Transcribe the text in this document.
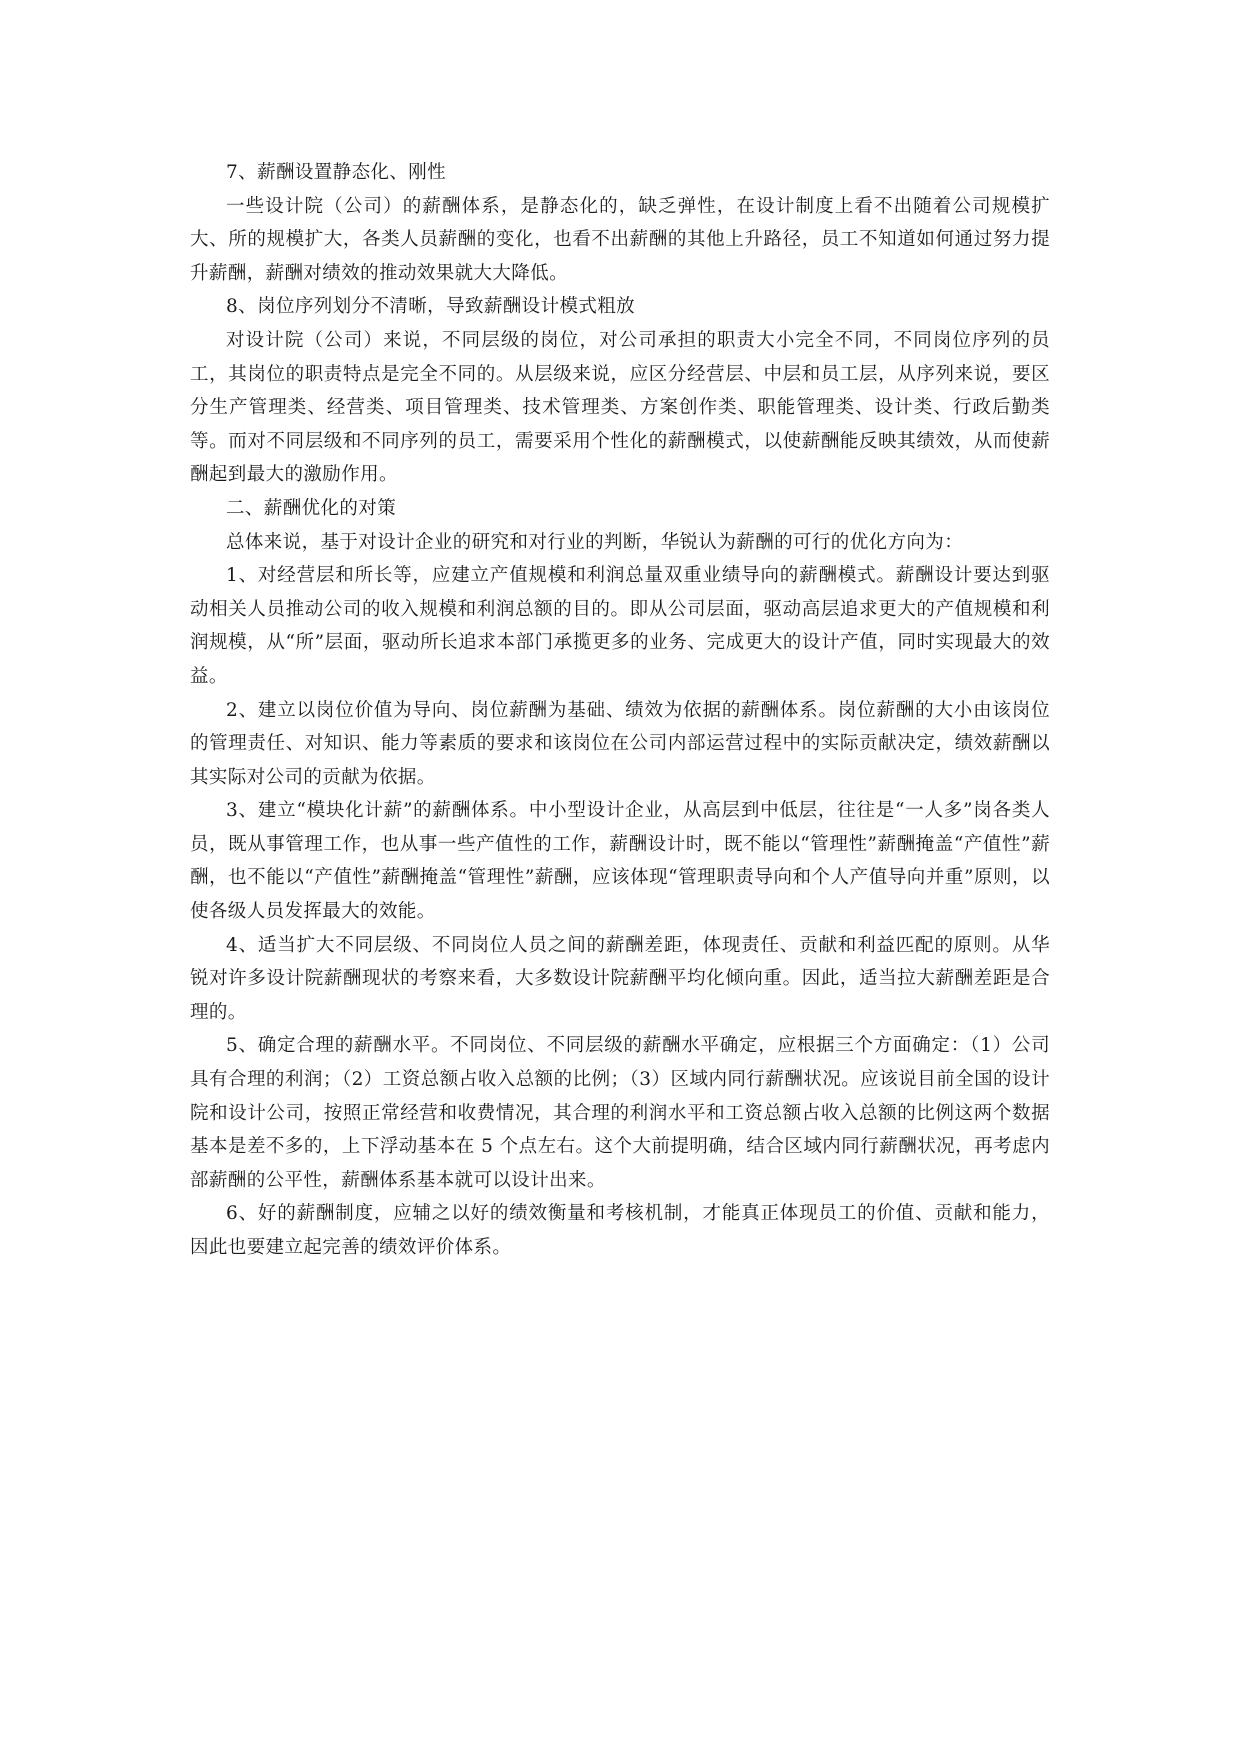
7、薪酬设置静态化、刚性

一些设计院（公司）的薪酬体系，是静态化的，缺乏弹性，在设计制度上看不出随着公司规模扩大、所的规模扩大，各类人员薪酬的变化，也看不出薪酬的其他上升路径，员工不知道如何通过努力提升薪酬，薪酬对绩效的推动效果就大大降低。

8、岗位序列划分不清晰，导致薪酬设计模式粗放

对设计院（公司）来说，不同层级的岗位，对公司承担的职责大小完全不同，不同岗位序列的员工，其岗位的职责特点是完全不同的。从层级来说，应区分经营层、中层和员工层，从序列来说，要区分生产管理类、经营类、项目管理类、技术管理类、方案创作类、职能管理类、设计类、行政后勤类等。而对不同层级和不同序列的员工，需要采用个性化的薪酬模式，以使薪酬能反映其绩效，从而使薪酬起到最大的激励作用。

二、薪酬优化的对策

总体来说，基于对设计企业的研究和对行业的判断，华锐认为薪酬的可行的优化方向为：

1、对经营层和所长等，应建立产值规模和利润总量双重业绩导向的薪酬模式。薪酬设计要达到驱动相关人员推动公司的收入规模和利润总额的目的。即从公司层面，驱动高层追求更大的产值规模和利润规模，从“所”层面，驱动所长追求本部门承揽更多的业务、完成更大的设计产值，同时实现最大的效益。

2、建立以岗位价值为导向、岗位薪酬为基础、绩效为依据的薪酬体系。岗位薪酬的大小由该岗位的管理责任、对知识、能力等素质的要求和该岗位在公司内部运营过程中的实际贡献决定，绩效薪酬以其实际对公司的贡献为依据。

3、建立“模块化计薪”的薪酬体系。中小型设计企业，从高层到中低层，往往是“一人多”岗各类人员，既从事管理工作，也从事一些产值性的工作，薪酬设计时，既不能以“管理性”薪酬掩盖“产值性”薪酬，也不能以“产值性”薪酬掩盖“管理性”薪酬，应该体现“管理职责导向和个人产值导向并重”原则，以使各级人员发挥最大的效能。

4、适当扩大不同层级、不同岗位人员之间的薪酬差距，体现责任、贡献和利益匹配的原则。从华锐对许多设计院薪酬现状的考察来看，大多数设计院薪酬平均化倾向重。因此，适当拉大薪酬差距是合理的。

5、确定合理的薪酬水平。不同岗位、不同层级的薪酬水平确定，应根据三个方面确定：（1）公司具有合理的利润；（2）工资总额占收入总额的比例；（3）区域内同行薪酬状况。应该说目前全国的设计院和设计公司，按照正常经营和收费情况，其合理的利润水平和工资总额占收入总额的比例这两个数据基本是差不多的，上下浮动基本在 5 个点左右。这个大前提明确，结合区域内同行薪酬状况，再考虑内部薪酬的公平性，薪酬体系基本就可以设计出来。

6、好的薪酬制度，应辅之以好的绩效衡量和考核机制，才能真正体现员工的价值、贡献和能力，因此也要建立起完善的绩效评价体系。
